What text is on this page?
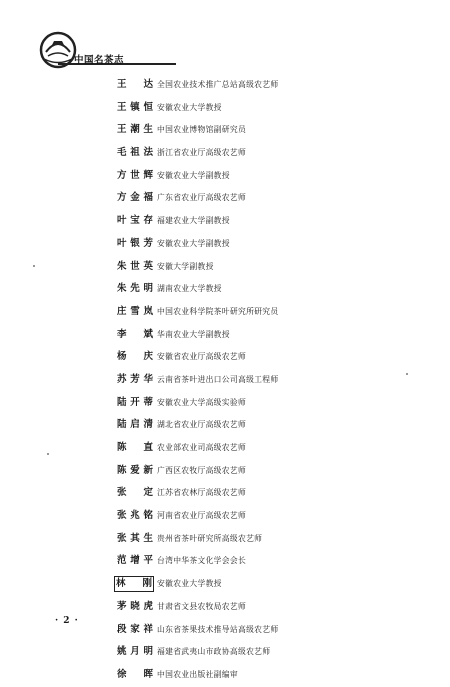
中国名茶志
王　达 全国农业技术推广总站高级农艺师
王镇恒 安徽农业大学教授
王潮生 中国农业博物馆副研究员
毛祖法 浙江省农业厅高级农艺师
方世辉 安徽农业大学副教授
方金福 广东省农业厅高级农艺师
叶宝存 福建农业大学副教授
叶银芳 安徽农业大学副教授
朱世英 安徽大学副教授
朱先明 湖南农业大学教授
庄雪岚 中国农业科学院茶叶研究所研究员
李　斌 华南农业大学副教授
杨　庆 安徽省农业厅高级农艺师
苏芳华 云南省茶叶进出口公司高级工程师
陆开蒂 安徽农业大学高级实验师
陆启清 湖北省农业厅高级农艺师
陈　直 农业部农业司高级农艺师
陈爱新 广西区农牧厅高级农艺师
张　定 江苏省农林厅高级农艺师
张兆铭 河南省农业厅高级农艺师
张其生 贵州省茶叶研究所高级农艺师
范增平 台湾中华茶文化学会会长
林　刚 安徽农业大学教授
茅晓虎 甘肃省文县农牧局农艺师
段家祥 山东省茶果技术推导站高级农艺师
姚月明 福建省武夷山市政协高级农艺师
徐　晖 中国农业出版社副编审
· 2 ·
